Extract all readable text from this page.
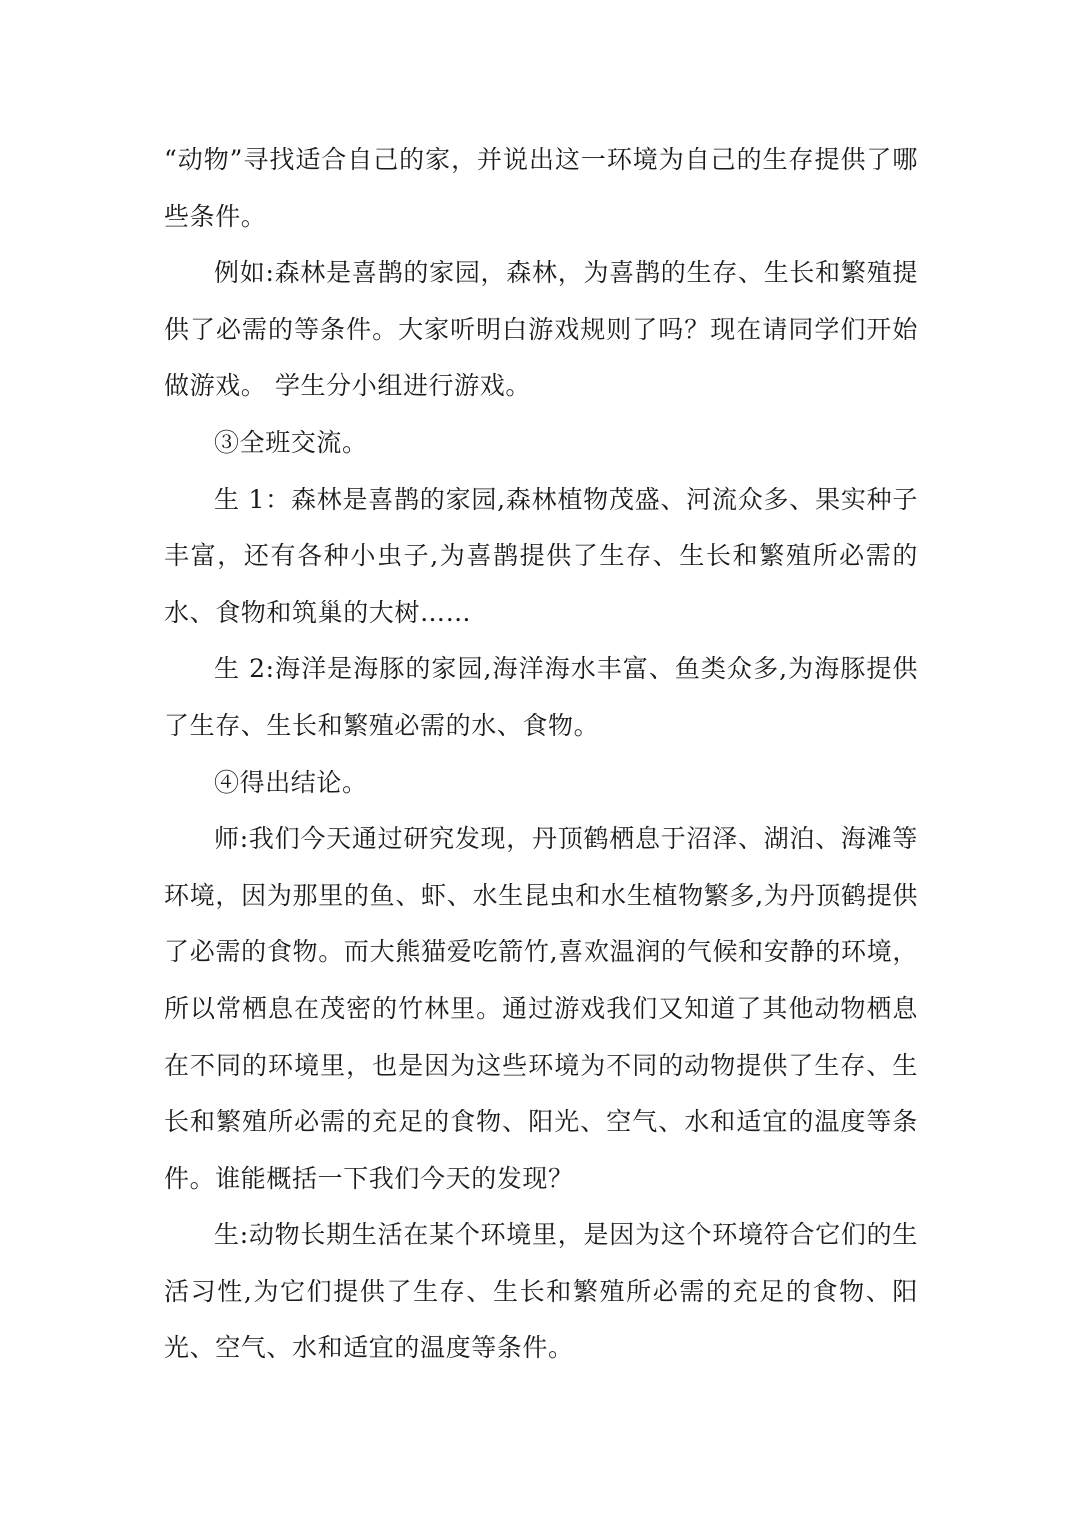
“动物”寻找适合自己的家，并说出这一环境为自己的生存提供了哪些条件。

例如:森林是喜鹊的家园，森林，为喜鹊的生存、生长和繁殖提供了必需的等条件。大家听明白游戏规则了吗？现在请同学们开始做游戏。 学生分小组进行游戏。

③全班交流。

生 1：森林是喜鹊的家园,森林植物茂盛、河流众多、果实种子丰富，还有各种小虫子,为喜鹊提供了生存、生长和繁殖所必需的水、食物和筑巢的大树……

生 2:海洋是海豚的家园,海洋海水丰富、鱼类众多,为海豚提供了生存、生长和繁殖必需的水、食物。

④得出结论。

师:我们今天通过研究发现，丹顶鹤栖息于沼泽、湖泊、海滩等环境，因为那里的鱼、虾、水生昆虫和水生植物繁多,为丹顶鹤提供了必需的食物。而大熊猫爱吃箭竹,喜欢温润的气候和安静的环境，所以常栖息在茂密的竹林里。通过游戏我们又知道了其他动物栖息在不同的环境里，也是因为这些环境为不同的动物提供了生存、生长和繁殖所必需的充足的食物、阳光、空气、水和适宜的温度等条件。谁能概括一下我们今天的发现？

生:动物长期生活在某个环境里，是因为这个环境符合它们的生活习性,为它们提供了生存、生长和繁殖所必需的充足的食物、阳光、空气、水和适宜的温度等条件。
